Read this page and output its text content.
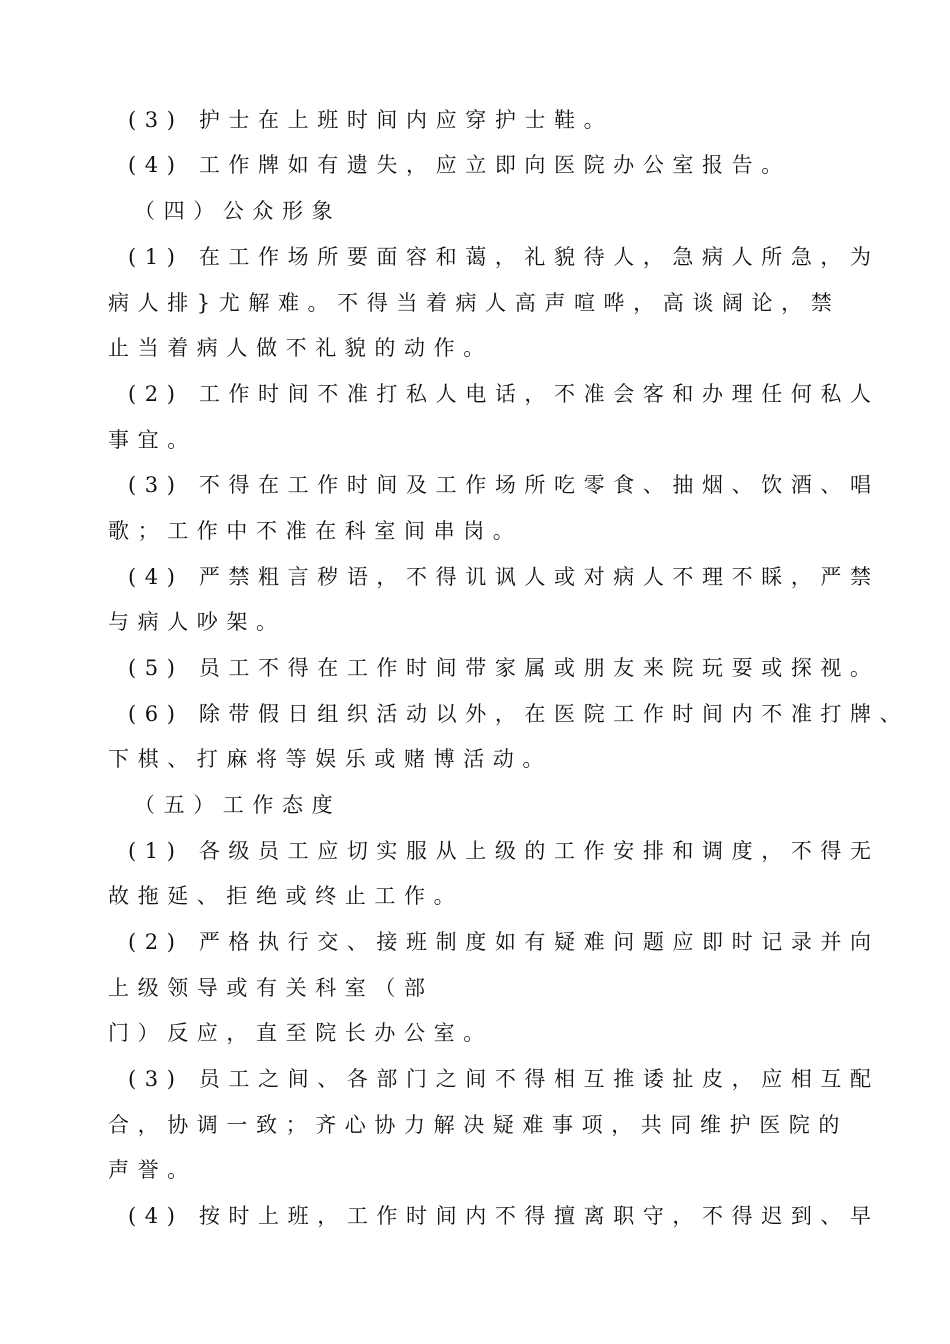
(3) 护士在上班时间内应穿护士鞋。
(4) 工作牌如有遗失，应立即向医院办公室报告。
（四）公众形象
(1) 在工作场所要面容和蔼，礼貌待人，急病人所急，为
病人排}尤解难。不得当着病人高声喧哗，高谈阔论，禁
止当着病人做不礼貌的动作。
(2) 工作时间不准打私人电话，不准会客和办理任何私人
事宜。
(3) 不得在工作时间及工作场所吃零食、抽烟、饮酒、唱
歌；工作中不准在科室间串岗。
(4) 严禁粗言秽语，不得讥讽人或对病人不理不睬，严禁
与病人吵架。
(5) 员工不得在工作时间带家属或朋友来院玩耍或探视。
(6) 除带假日组织活动以外，在医院工作时间内不准打牌、
下棋、打麻将等娱乐或赌博活动。
（五）工作态度
(1) 各级员工应切实服从上级的工作安排和调度，不得无
故拖延、拒绝或终止工作。
(2) 严格执行交、接班制度如有疑难问题应即时记录并向
上级领导或有关科室（部
门）反应，直至院长办公室。
(3) 员工之间、各部门之间不得相互推诿扯皮，应相互配
合，协调一致；齐心协力解决疑难事项，共同维护医院的
声誉。
(4) 按时上班，工作时间内不得擅离职守，不得迟到、早
